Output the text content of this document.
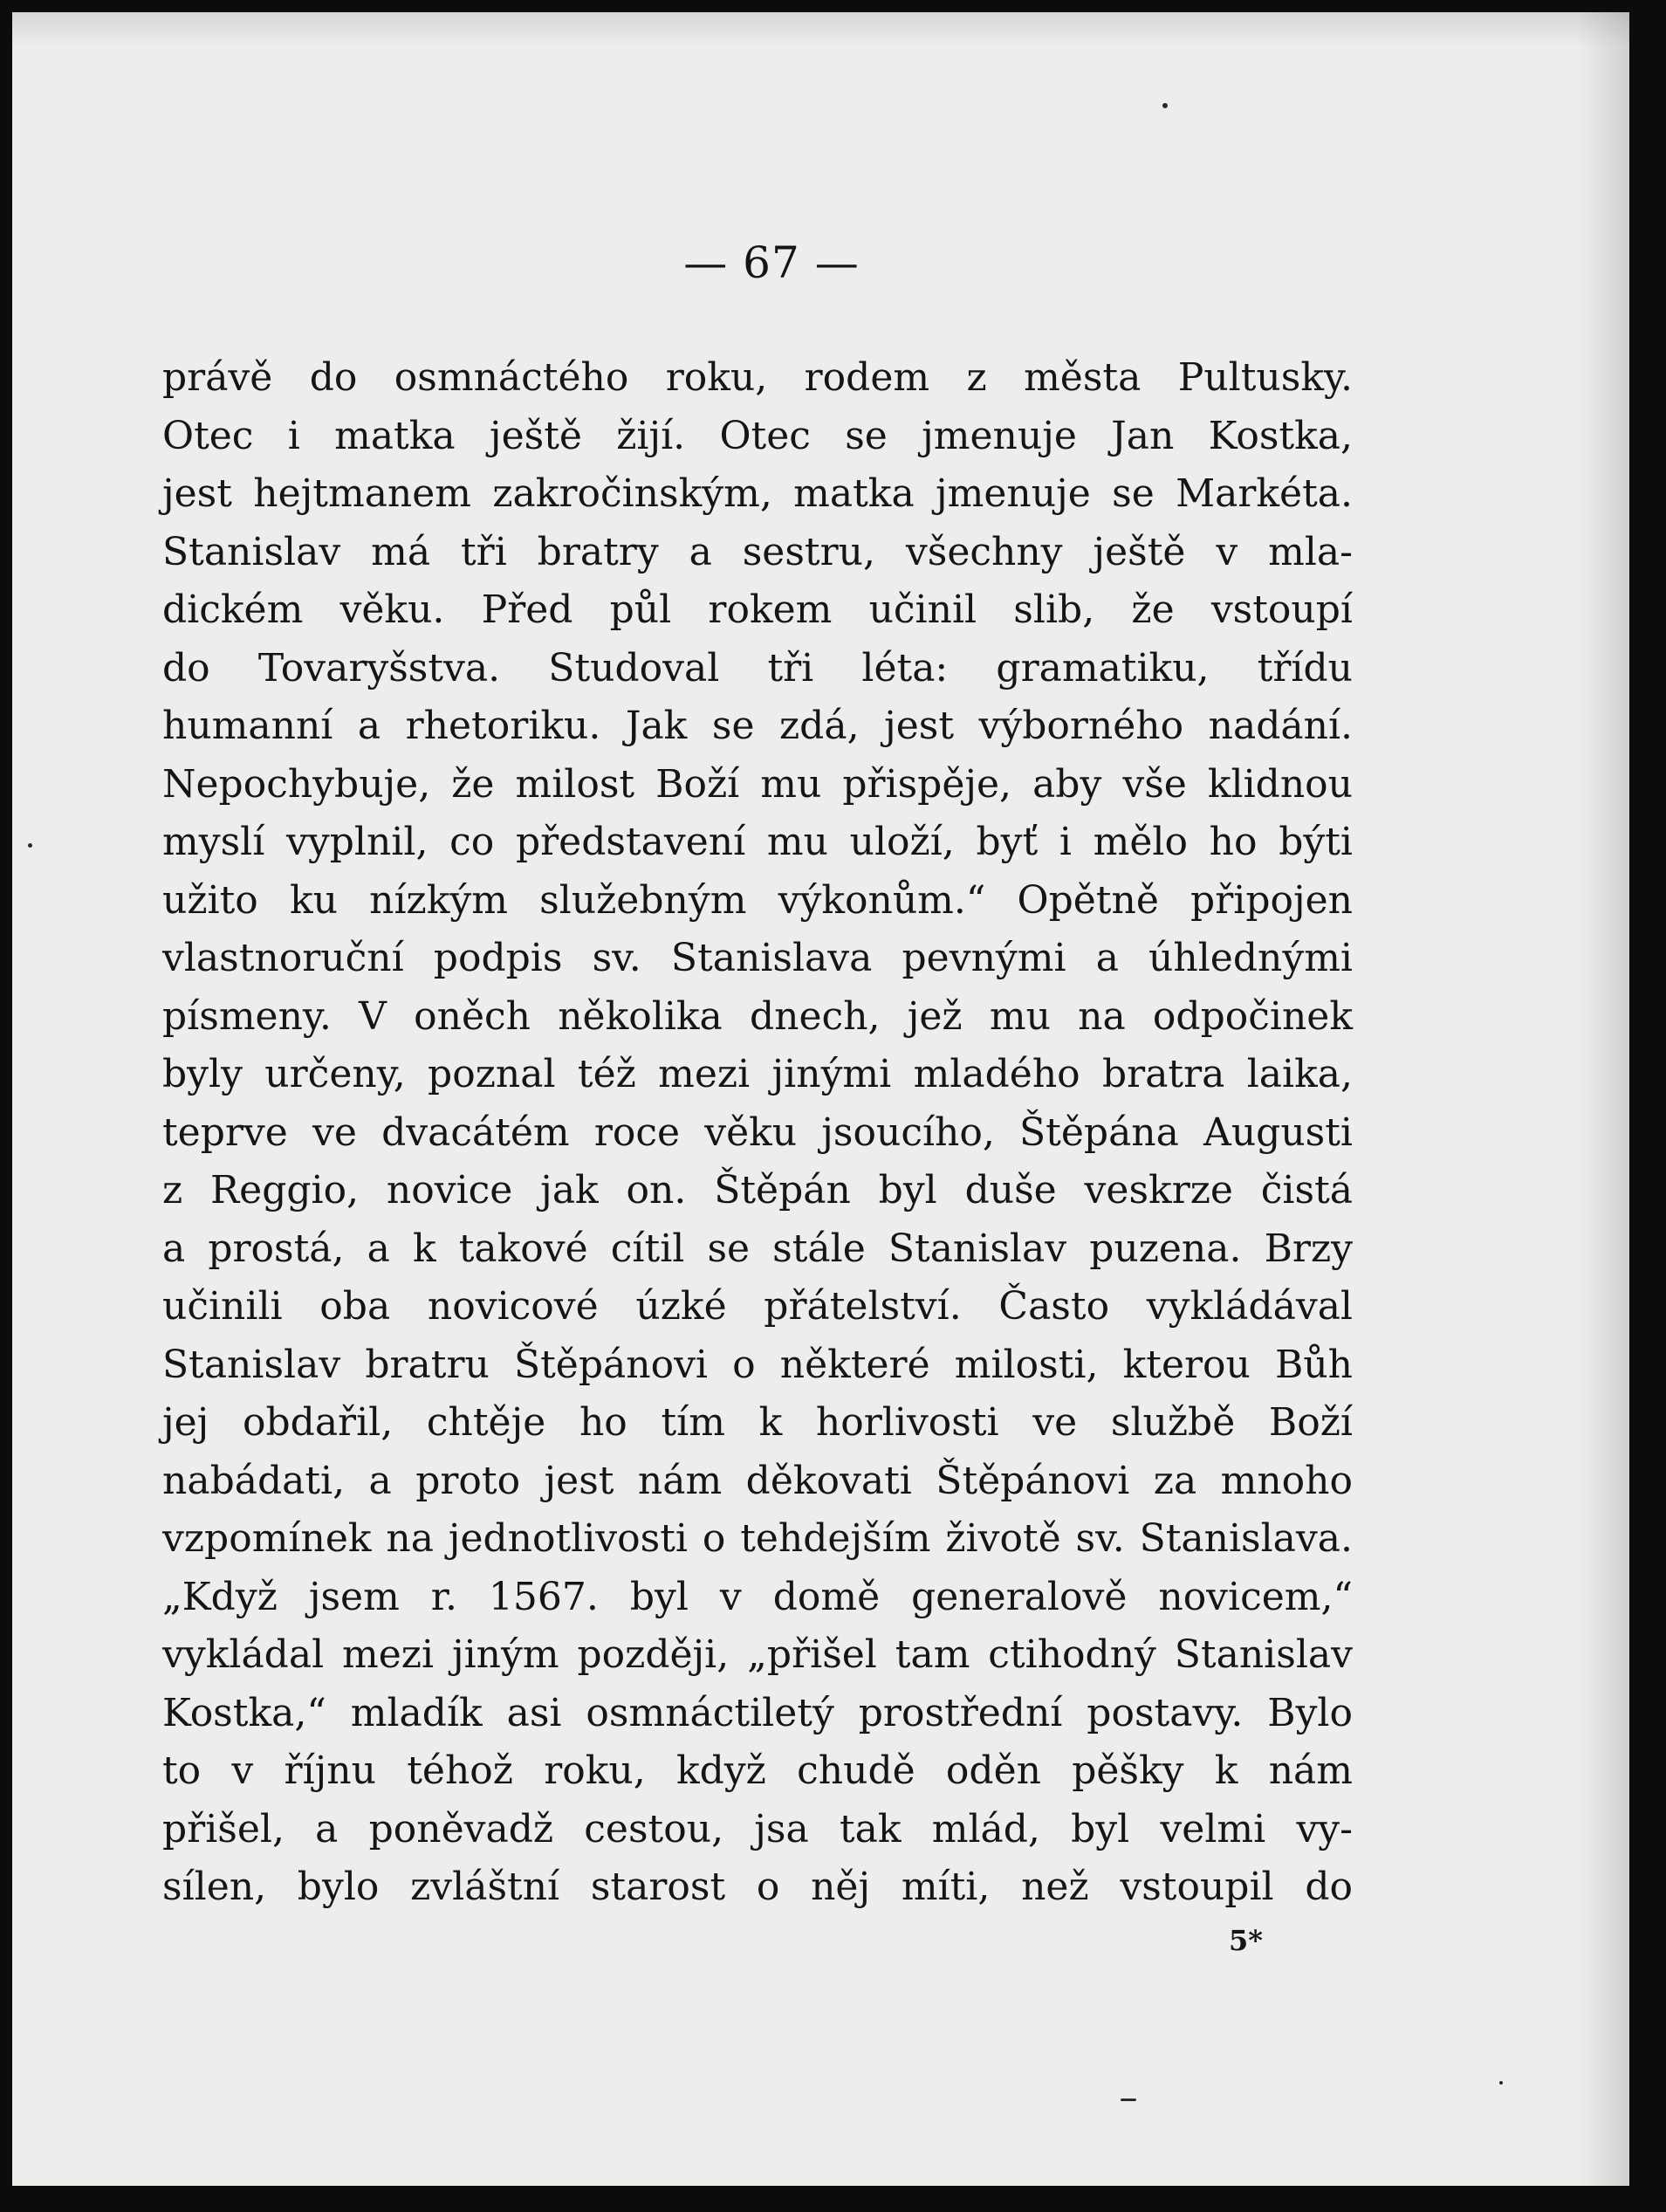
— 67 —
právě do osmnáctého roku, rodem z města Pultusky.
Otec i matka ještě žijí. Otec se jmenuje Jan Kostka,
jest hejtmanem zakročinským, matka jmenuje se Markéta.
Stanislav má tři bratry a sestru, všechny ještě v mla-
dickém věku. Před půl rokem učinil slib, že vstoupí
do Tovaryšstva. Studoval tři léta: gramatiku, třídu
humanní a rhetoriku. Jak se zdá, jest výborného nadání.
Nepochybuje, že milost Boží mu přispěje, aby vše klidnou
myslí vyplnil, co představení mu uloží, byť i mělo ho býti
užito ku nízkým služebným výkonům.“ Opětně připojen
vlastnoruční podpis sv. Stanislava pevnými a úhlednými
písmeny. V oněch několika dnech, jež mu na odpočinek
byly určeny, poznal též mezi jinými mladého bratra laika,
teprve ve dvacátém roce věku jsoucího, Štěpána Augusti
z Reggio, novice jak on. Štěpán byl duše veskrze čistá
a prostá, a k takové cítil se stále Stanislav puzena. Brzy
učinili oba novicové úzké přátelství. Často vykládával
Stanislav bratru Štěpánovi o některé milosti, kterou Bůh
jej obdařil, chtěje ho tím k horlivosti ve službě Boží
nabádati, a proto jest nám děkovati Štěpánovi za mnoho
vzpomínek na jednotlivosti o tehdejším životě sv. Stanislava.
„Když jsem r. 1567. byl v domě generalově novicem,“
vykládal mezi jiným později, „přišel tam ctihodný Stanislav
Kostka,“ mladík asi osmnáctiletý prostřední postavy. Bylo
to v říjnu téhož roku, když chudě oděn pěšky k nám
přišel, a poněvadž cestou, jsa tak mlád, byl velmi vy-
sílen, bylo zvláštní starost o něj míti, než vstoupil do
5*
